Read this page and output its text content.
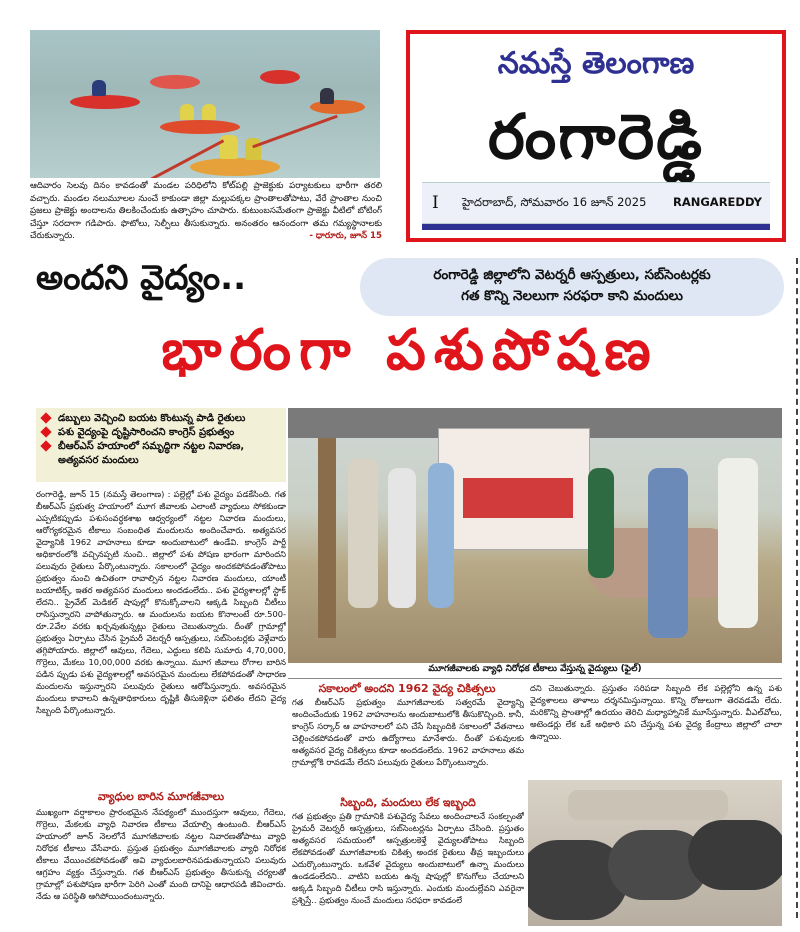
ఆదివారం సెలవు దినం కావడంతో మండల పరిధిలోని కోట్‌పల్లి ప్రాజెక్టుకు పర్యాటకులు భారీగా తరలి వచ్చారు. మండల నలుమూలల నుంచే కాకుండా జిల్లా మల్లుపక్కల ప్రాంతాలతోపాటు, వేరే ప్రాంతాల నుంచి ప్రజలు ప్రాజెక్టు అందాలను తిలకించేందుకు ఉత్సాహం చూపారు. కుటుంబసమేతంగా ప్రాజెక్టు వీటిలో బోటింగ్ చేస్తూ సరదాగా గడిపారు. ఫొటోలు, సెల్ఫీలు తీసుకున్నారు. అనంతరం ఆనందంగా తమ గమ్యస్థానాలకు చేరుకున్నారు.	- ధారూరు, జూన్ 15
నమస్తే తెలంగాణ
రంగారెడ్డి
I హైదరాబాద్, సోమవారం 16 జూన్ 2025 RANGAREDDY
అందని వైద్యం..	రంగారెడ్డి జిల్లాలోని వెటర్నరీ ఆస్పత్రులు, సబ్‌సెంటర్లకు
గత కొన్ని నెలలుగా సరఫరా కాని మందులు
భారంగా పశుపోషణ
డబ్బులు వెచ్చించి బయట కొంటున్న పాడి రైతులు
పశు వైద్యంపై దృష్టిసారించని కాంగ్రెస్ ప్రభుత్వం
బీఆర్‌ఎస్ హయాంలో సమృద్ధిగా నట్టల నివారణ, అత్యవసర మందులు
రంగారెడ్డి, జూన్ 15 (నమస్తే తెలంగాణ) : పల్లెల్లో పశు వైద్యం పడకేసింది. గత బీఆర్‌ఎస్ ప్రభుత్వ హయాంలో మూగ జీవాలకు ఎలాంటి వ్యాధులు సోకకుండా ఎప్పటికప్పుడు పశుసంవర్ధకశాఖ ఆధ్వర్యంలో నట్టల నివారణ మందులు, ఆరోగ్యకరమైన టీకాలు సంబంధిత మందులను అందించేవారు. అత్యవసర వైద్యానికి 1962 వాహనాలు కూడా అందుబాటులో ఉండేవి. కాంగ్రెస్ పార్టీ అధికారంలోకి వచ్చినప్పటి నుంచి.. జిల్లాలో పశు పోషణ భారంగా మారిందని పలువురు రైతులు పేర్కొంటున్నారు. సకాలంలో వైద్యం అందకపోవడంతోపాటు ప్రభుత్వం నుంచి ఉచితంగా రావాల్సిన నట్టల నివారణ మందులు, యాంటీ బయాటిక్స్, ఇతర అత్యవసర మందులు అందడంలేదు.. పశు వైద్యశాలల్లో స్టాక్ లేదని.. ప్రైవేట్ మెడికల్ షాపుల్లో కొనుక్కోవాలని ఆక్కడి సిబ్బంది చీటీలు రాసిస్తున్నారని వాపోతున్నారు. ఆ మందులను బయట కొనాలంటే రూ.500-రూ.2వేల వరకు ఖర్చవుతున్నట్లు రైతులు చెబుతున్నారు. దీంతో గ్రామాల్లో ప్రభుత్వం ఏర్పాటు చేసిన ప్రైమరీ వెటర్నరీ ఆస్పత్రులు, సబ్‌సెంటర్లకు వెళ్లేవారు తగ్గిపోయారు. జిల్లాలో ఆవులు, గేదెలు, ఎద్దులు కలిపి సుమారు 4,70,000, గొర్రెలు, మేకలు 10,00,000 వరకు ఉన్నాయి. మూగ జీవాలు రోగాల బారిన పడిన ప్పుడు పశు వైద్యశాలల్లో అవసరమైన మందులు లేకపోవడంతో సాధారణ మందులను ఇస్తున్నారని పలువురు రైతులు ఆరోపిస్తున్నారు. అవసరమైన మందులు కావాలని ఉన్నతాధికారులు దృష్టికి తీసుకెళ్లినా ఫలితం లేదని వైద్య సిబ్బంది పేర్కొంటున్నారు.
వ్యాధుల బారిన మూగజీవాలు
ముఖ్యంగా వర్షాకాలం ప్రారంభమైన నేపథ్యంలో ముందస్తుగా ఆవులు, గేదెలు, గొర్రెలు, మేకలకు వ్యాధి నివారణ టీకాలు వేయాల్సి ఉంటుంది. బీఆర్‌ఎస్ హయాంలో జూన్ నెలలోనే మూగజీవాలకు నట్టల నివారణతోపాటు వ్యాధి నిరోధక టీకాలు వేసేవారు. ప్రస్తుత ప్రభుత్వం మూగజీవాలకు వ్యాధి నిరోధక టీకాలు వేయించకపోవడంతో అవి వ్యాధులబారినపడుతున్నాయని పలువురు ఆగ్రహం వ్యక్తం చేస్తున్నారు. గత బీఆర్‌ఎస్ ప్రభుత్వం తీసుకున్న చర్యలతో గ్రామాల్లో పశుపోషణ భారీగా పెరిగి ఎంతో మంది దానిపై ఆధారపడి జీవించారు. నేడు ఆ పరిస్థితి ఆగిపోయిందంటున్నారు.
మూగజీవాలకు వ్యాధి నిరోధక టీకాలు వేస్తున్న వైద్యులు (ఫైల్)
సకాలంలో అందని 1962 వైద్య చికిత్సలు
గత బీఆర్‌ఎస్ ప్రభుత్వం మూగజీవాలకు సత్వరమే వైద్యాన్ని అందించేందుకు 1962 వాహనాలను అందుబాటులోకి తీసుకొచ్చింది. కానీ, కాంగ్రెస్ సర్కార్ ఆ వాహనాలలో పని చేసే సిబ్బందికి సకాలంలో వేతనాలు చెల్లించకపోవడంతో వారు ఉద్యోగాలు మానేశారు. దీంతో పశువులకు అత్యవసర వైద్య చికిత్సలు కూడా అందడంలేదు. 1962 వాహనాలు తమ గ్రామాల్లోకి రావడమే లేదని పలువురు రైతులు పేర్కొంటున్నారు.
సిబ్బంది, మందులు లేక ఇబ్బంది
గత ప్రభుత్వం ప్రతి గ్రామానికి పశువైద్య సేవలు అందించాలనే సంకల్పంతో ప్రైమరీ వెటర్నరీ ఆస్పత్రులు, సబ్‌సెంటర్లను ఏర్పాటు చేసింది. ప్రస్తుతం అత్యవసర సమయంలో ఆస్పత్రులకెళ్తే వైద్యులతోపాటు సిబ్బంది లేకపోవడంతో మూగజీవాలకు చికిత్స అందక రైతులు తీవ్ర ఇబ్బందులు ఎదుర్కొంటున్నారు. ఒకవేళ వైద్యులు అందుబాటులో ఉన్నా మందులు ఉండడంలేదని.. వాటిని బయట ఉన్న షాపుల్లో కొనుగోలు చేయాలని అక్కడి సిబ్బంది చీటీలు రాసి ఇస్తున్నారు. ఎందుకు మందుల్లేవని ఎవరైనా ప్రశ్నిస్తే.. ప్రభుత్వం నుంచే మందులు సరఫరా కావడంలే
దని చెబుతున్నారు. ప్రస్తుతం సరిపడా సిబ్బంది లేక పల్లెల్లోని ఉన్న పశు వైద్యశాలలు తాళాలు దర్శనమిస్తున్నాయి. కొన్ని రోజులుగా తెరవడమే లేదు. మరికొన్ని ప్రాంతాల్లో ఉదయం తెరిచి మధ్యాహ్నానికే మూసేస్తున్నారు. వీఎల్‌వోలు, అటెండర్లు లేక ఒకే అధికారి పని చేస్తున్న పశు వైద్య కేంద్రాలు జిల్లాలో చాలా ఉన్నాయి.
